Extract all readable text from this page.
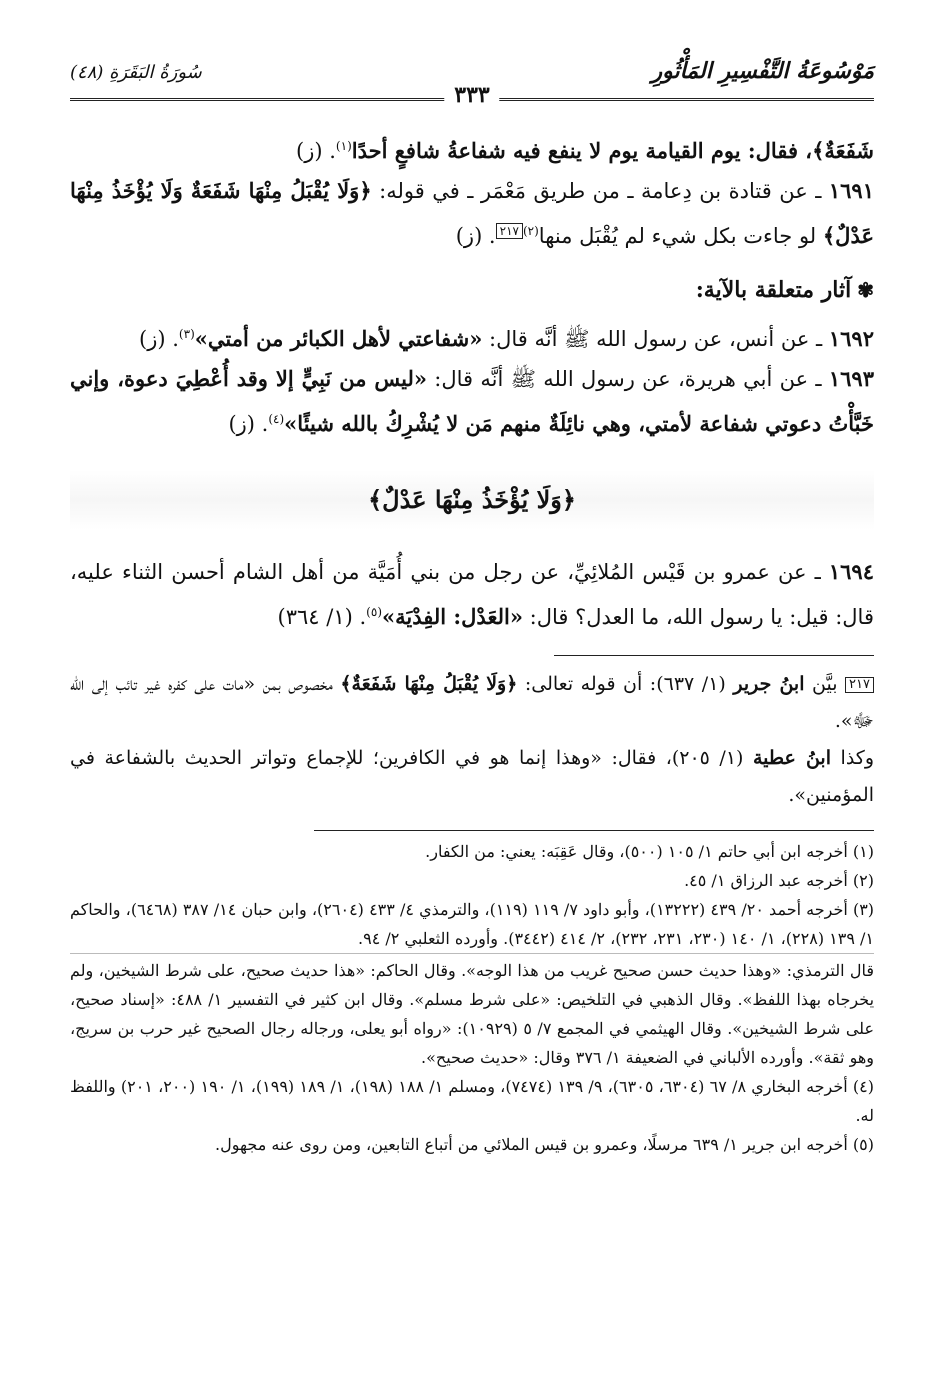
مَوْسُوعَةُ التَّفْسِيرِ المَأْثُورِ
سُورَةُ البَقَرَةِ (٤٨)
٣٣٣

شَفَعَةٌ﴾، فقال: يوم القيامة يوم لا ينفع فيه شفاعةُ شافعٍ أحدًا$^{(١)}$. (ز)

١٦٩١ ـ عن قتادة بن دِعامة ـ من طريق مَعْمَر ـ في قوله: ﴿وَلَا يُقْبَلُ مِنْهَا شَفَعَةٌ وَلَا يُؤْخَذُ مِنْهَا عَدْلٌ﴾ لو جاءت بكل شيء لم يُقْبَل منها$^{(٢)}$٢١٧. (ز)

✾آثار متعلقة بالآية:

١٦٩٢ ـ عن أنس، عن رسول الله ﷺ أنَّه قال: «شفاعتي لأهل الكبائر من أمتي»$^{(٣)}$. (ز)

١٦٩٣ ـ عن أبي هريرة، عن رسول الله ﷺ أنَّه قال: «ليس من نَبِيٍّ إلا وقد أُعْطِيَ دعوة، وإني خَبَّأْتُ دعوتي شفاعة لأمتي، وهي نائِلَةٌ منهم مَن لا يُشْرِكُ بالله شيئًا»$^{(٤)}$. (ز)

﴿وَلَا يُؤْخَذُ مِنْهَا عَدْلٌ﴾

١٦٩٤ ـ عن عمرو بن قَيْس المُلائِيِّ، عن رجل من بني أُمَيَّة من أهل الشام أحسن الثناء عليه، قال: قيل: يا رسول الله، ما العدل؟ قال: «العَدْل: الفِدْيَة»$^{(٥)}$. (١/ ٣٦٤)

٢١٧ بيَّن ابنُ جرير (١/ ٦٣٧): أن قوله تعالى: ﴿وَلَا يُقْبَلُ مِنْهَا شَفَعَةٌ﴾ مخصوص بمن «مات على كفره غير تائب إلى الله ﷻ».

وكذا ابنُ عطية (١/ ٢٠٥)، فقال: «وهذا إنما هو في الكافرين؛ للإجماع وتواتر الحديث بالشفاعة في المؤمنين».

(١) أخرجه ابن أبي حاتم ١/ ١٠٥ (٥٠٠)، وقال عَقِبَه: يعني: من الكفار.

(٢) أخرجه عبد الرزاق ١/ ٤٥.

(٣) أخرجه أحمد ٢٠/ ٤٣٩ (١٣٢٢٢)، وأبو داود ٧/ ١١٩ (١١٩)، والترمذي ٤/ ٤٣٣ (٢٦٠٤)، وابن حبان ١٤/ ٣٨٧ (٦٤٦٨)، والحاكم ١/ ١٣٩ (٢٢٨)، ١/ ١٤٠ (٢٣٠، ٢٣١، ٢٣٢)، ٢/ ٤١٤ (٣٤٤٢). وأورده الثعلبي ٢/ ٩٤.

قال الترمذي: «وهذا حديث حسن صحيح غريب من هذا الوجه». وقال الحاكم: «هذا حديث صحيح، على شرط الشيخين، ولم يخرجاه بهذا اللفظ». وقال الذهبي في التلخيص: «على شرط مسلم». وقال ابن كثير في التفسير ١/ ٤٨٨: «إسناد صحيح، على شرط الشيخين». وقال الهيثمي في المجمع ٧/ ٥ (١٠٩٢٩): «رواه أبو يعلى، ورجاله رجال الصحيح غير حرب بن سريج، وهو ثقة». وأورده الألباني في الضعيفة ١/ ٣٧٦ وقال: «حديث صحيح».

(٤) أخرجه البخاري ٨/ ٦٧ (٦٣٠٤، ٦٣٠٥)، ٩/ ١٣٩ (٧٤٧٤)، ومسلم ١/ ١٨٨ (١٩٨)، ١/ ١٨٩ (١٩٩)، ١/ ١٩٠ (٢٠٠، ٢٠١) واللفظ له.

(٥) أخرجه ابن جرير ١/ ٦٣٩ مرسلًا، وعمرو بن قيس الملائي من أتباع التابعين، ومن روى عنه مجهول.
